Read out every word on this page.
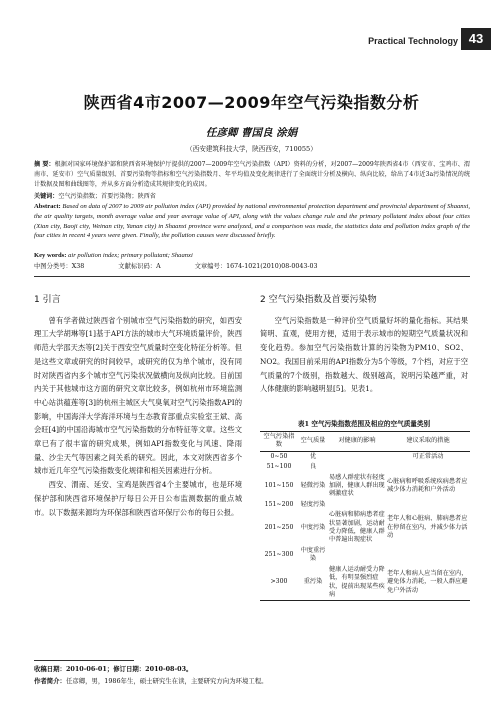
Practical Technology 43
陕西省4市2007—2009年空气污染指数分析
任彦卿 曹国良 涂娟
（西安建筑科技大学，陕西西安，710055）
摘 要：根据对国家环境保护部和陕西省环境保护厅提供的2007—2009年空气污染指数（API）资料的分析，对2007—2009年陕西省4市（西安市、宝鸡市、渭南市、延安市）空气质量级别、首要污染物等指标和空气污染指数月、年平均值及变化规律进行了全面统计分析及横向、纵向比较，给出了4市近3a污染情况的统计数据及图和曲线图等，并从多方面分析造成其规律变化的成因。
关键词：空气污染指数；首要污染物；陕西省
Abstract: Based on data of 2007 to 2009 air pollution index (API) provided by national environmental protection department and provincial department of Shaanxi, the air quality targets, month average value and year average value of API, along with the values change rule and the primary pollutant index about four cities (Xian city, Baoji city, Weinan city, Yanan city) in Shaanxi province were analyzed, and a comparison was made, the statistics data and pollution index graph of the four cities in recent 4 years were given. Finally, the pollution causes were discussed briefly.
Key words: air pollution index; primary pollutant; Shaanxi
中图分类号：X38	文献标识码：A	文章编号：1674-1021(2010)08-0043-03
1 引言

曾有学者做过陕西省个别城市空气污染指数的研究，如西安理工大学胡琳等[1]基于API方法的城市大气环境质量评价，陕西师范大学邵天杰等[2]关于西安空气质量时空变化特征分析等。但是这些文章或研究的时间较早，或研究的仅为单个城市，没有同时对陕西省内多个城市空气污染状况做横向及纵向比较。目前国内关于其他城市这方面的研究文章比较多，例如杭州市环境监测中心站洪蕴莲等[3]的杭州主城区大气臭氧对空气污染指数API的影响，中国海洋大学海洋环境与生态教育部重点实验室王斌、高会旺[4]的中国沿海城市空气污染指数的分布特征等文章。这些文章已有了很丰富的研究成果，例如API指数变化与风速、降雨量、沙尘天气等因素之间关系的研究。因此，本文对陕西省多个城市近几年空气污染指数变化规律和相关因素进行分析。

西安、渭南、延安、宝鸡是陕西省4个主要城市，也是环境保护部和陕西省环境保护厅每日公开日公布监测数据的重点城市。以下数据来源均为环保部和陕西省环保厅公布的每日公报。

2 空气污染指数及首要污染物

空气污染指数是一种评价空气质量好坏的量化指标。其结果简明、直观，使用方便，适用于表示城市的短期空气质量状况和变化趋势。参加空气污染指数计算的污染物为PM10、SO2、NO2。我国目前采用的API指数分为5个等级，7个档，对应于空气质量的7个级别，指数越大、级别越高，说明污染越严重，对人体健康的影响越明显[5]。见表1。

表1 空气污染指数范围及相应的空气质量类别
空气污染指数	空气质量	对健康的影响	建议采取的措施
0~50	优		可正常活动
51~100	良		
101~150	轻微污染	易感人群症状有轻度加剧，健康人群出现刺激症状	心脏病和呼吸系统疾病患者应减少体力消耗和户外活动
151~200	轻度污染		
201~250	中度污染	心脏病和肺病患者症状显著加剧，运动耐受力降低，健康人群中普遍出现症状	老年人和心脏病、肺病患者应在停留在室内，并减少体力活动
251~300	中度重污染		
>300	重污染	健康人运动耐受力降低，有明显强烈症状，提前出现某些疾病	老年人和病人应当留在室内，避免体力消耗，一般人群应避免户外活动
收稿日期：2010-06-01；修订日期：2010-08-03。
作者简介：任彦卿，男，1986年生，硕士研究生在读，主要研究方向为环境工程。
